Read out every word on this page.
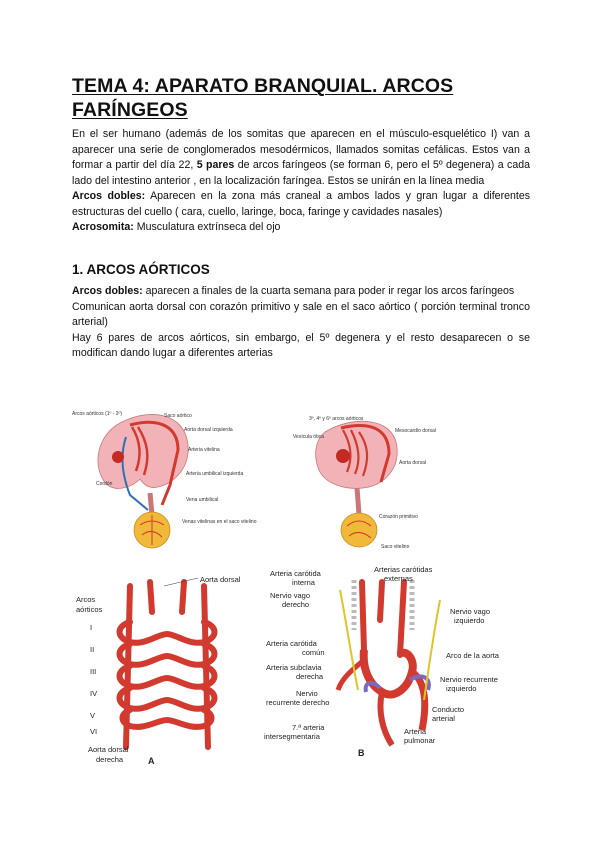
TEMA 4: APARATO BRANQUIAL. ARCOS
FARÍNGEOS
En el ser humano (además de los somitas que aparecen en el músculo-esquelético I) van a aparecer una serie de conglomerados mesodérmicos, llamados somitas cefálicas. Estos van a formar a partir del día 22, 5 pares de arcos faríngeos (se forman 6, pero el 5º degenera) a cada lado del intestino anterior , en la localización faríngea. Estos se unirán en la línea media
Arcos dobles: Aparecen en la zona más craneal a ambos lados y gran lugar a diferentes estructuras del cuello ( cara, cuello, laringe, boca, faringe y cavidades nasales)
Acrosomita: Musculatura extrínseca del ojo
1. ARCOS AÓRTICOS
Arcos dobles: aparecen a finales de la cuarta semana para poder ir regar los arcos faríngeos
Comunican aorta dorsal con corazón primitivo y sale en el saco aórtico ( porción terminal tronco arterial)
Hay 6 pares de arcos aórticos, sin embargo, el 5º degenera y el resto desaparecen o se modifican dando lugar a diferentes arterias
Arcos aórticos (1º - 3º)	Saco aórtico
Aorta dorsal izquierda
Arteria vitelina
Cordón
Arteria umbilical izquierda
Vena umbilical
Venas vitelinas en el saco vitelino
3º, 4º y 6º arcos aórticos
Vesícula ótica
Mesocardio dorsal
Aorta dorsal
Corazón primitivo
Saco vitelino
Aorta dorsal
Arcos
aórticos
I
II
III
IV
V
VI
Aorta dorsal
derecha	A
Arteria carótida
interna
Nervio vago
derecho
Arteria carótida
común
Arteria subclavia
derecha
Nervio
recurrente derecho
7.ª arteria
intersegmentaria
Arterias carótidas
externas
Nervio vago
izquierdo
Arco de la aorta
Nervio recurrente
izquierdo
Conducto
arterial
Arteria
pulmonar
B
